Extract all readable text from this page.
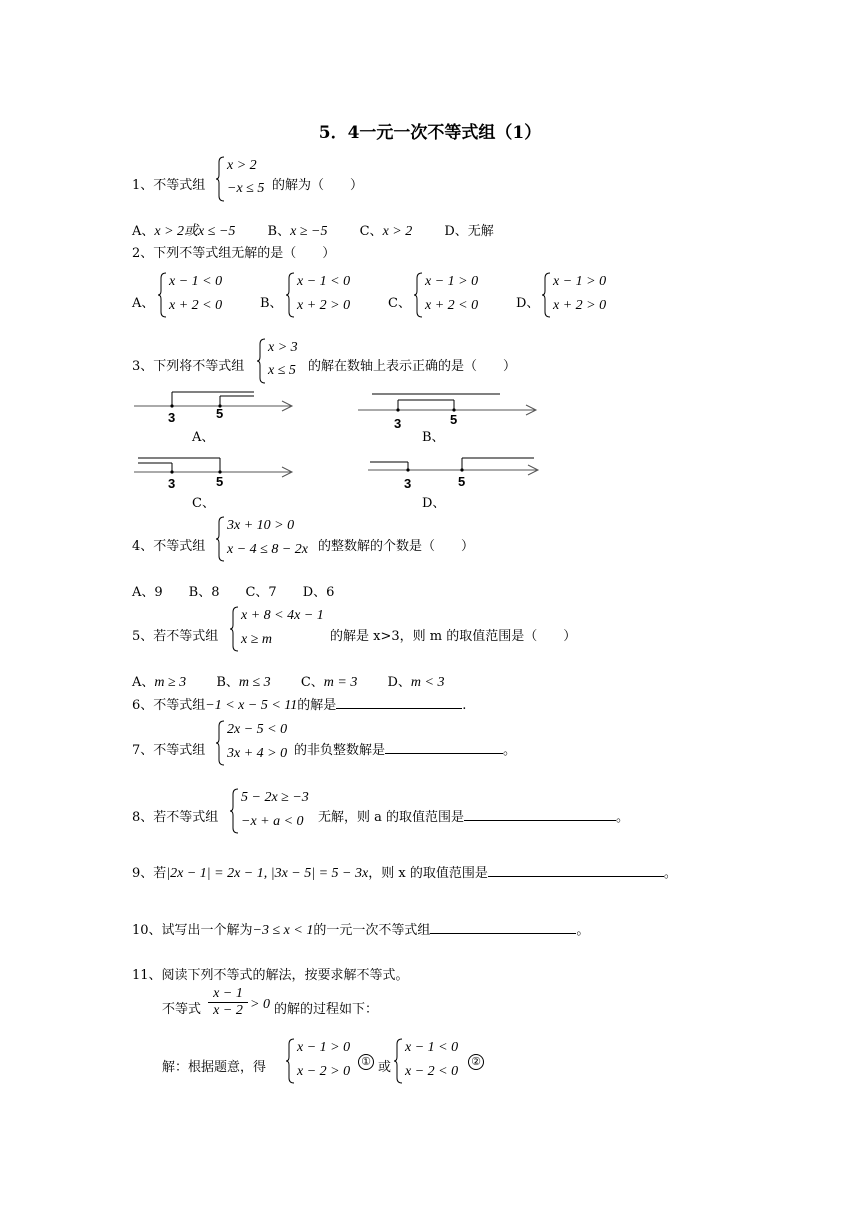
5．4一元一次不等式组（1）
1、不等式组
x > 2
−x ≤ 5 的解为（　　）
A、x > 2或x ≤ −5 B、x ≥ −5 C、x > 2 D、无解
2、下列不等式组无解的是（　　）
A、
x − 1 < 0
x + 2 < 0	B、
x − 1 < 0
x + 2 > 0	C、
x − 1 > 0
x + 2 < 0	D、
x − 1 > 0
x + 2 > 0
3、下列将不等式组
x > 3
x ≤ 5 的解在数轴上表示正确的是（　　）
3	5
A、
3	5
B、
3	5
C、
3	5
D、
4、不等式组
3x + 10 > 0
x − 4 ≤ 8 − 2x 的整数解的个数是（　　）
A、9　　B、8　　C、7　　D、6
5、若不等式组
x + 8 < 4x − 1
x ≥ m	的解是 x>3，则 m 的取值范围是（　　）
A、m ≥ 3 B、m ≤ 3 C、m = 3 D、m < 3
6、不等式组−1 < x − 5 < 11的解是	.
7、不等式组
2x − 5 < 0
3x + 4 > 0 的非负整数解是	。
8、若不等式组
5 − 2x ≥ −3
−x + a < 0 无解，则 a 的取值范围是	。
9、若|2x − 1| = 2x − 1, |3x − 5| = 5 − 3x，则 x 的取值范围是	。
10、试写出一个解为−3 ≤ x < 1的一元一次不等式组	。
11、阅读下列不等式的解法，按要求解不等式。
不等式 $\frac{x - 1}{x - 2} > 0$ 的解的过程如下：
解：根据题意，得
x − 1 > 0
x − 2 > 0
① 或
x − 1 < 0
x − 2 < 0
②
